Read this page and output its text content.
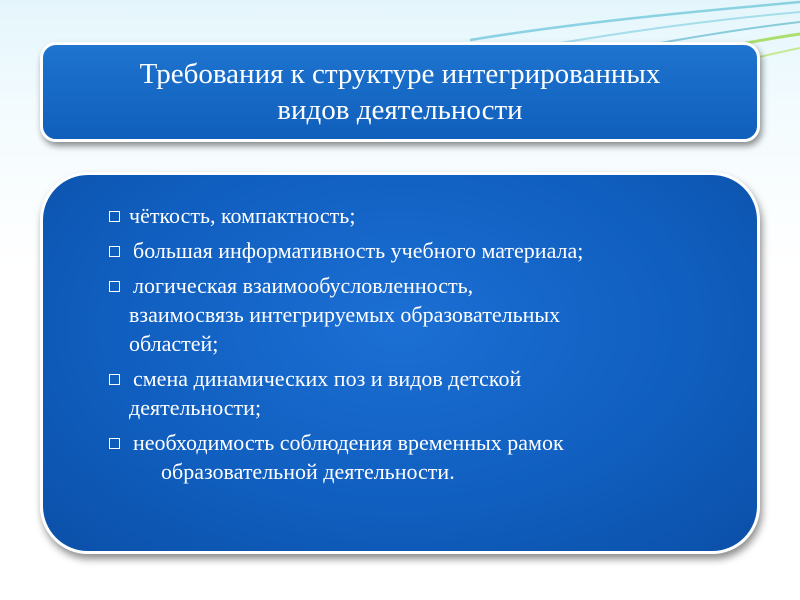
Требования к структуре интегрированных
видов деятельности
чёткость, компактность;
большая информативность учебного материала;
логическая взаимообусловленность,
взаимосвязь интегрируемых образовательных
областей;
смена динамических поз и видов детской
деятельности;
необходимость соблюдения временных рамок
образовательной деятельности.
